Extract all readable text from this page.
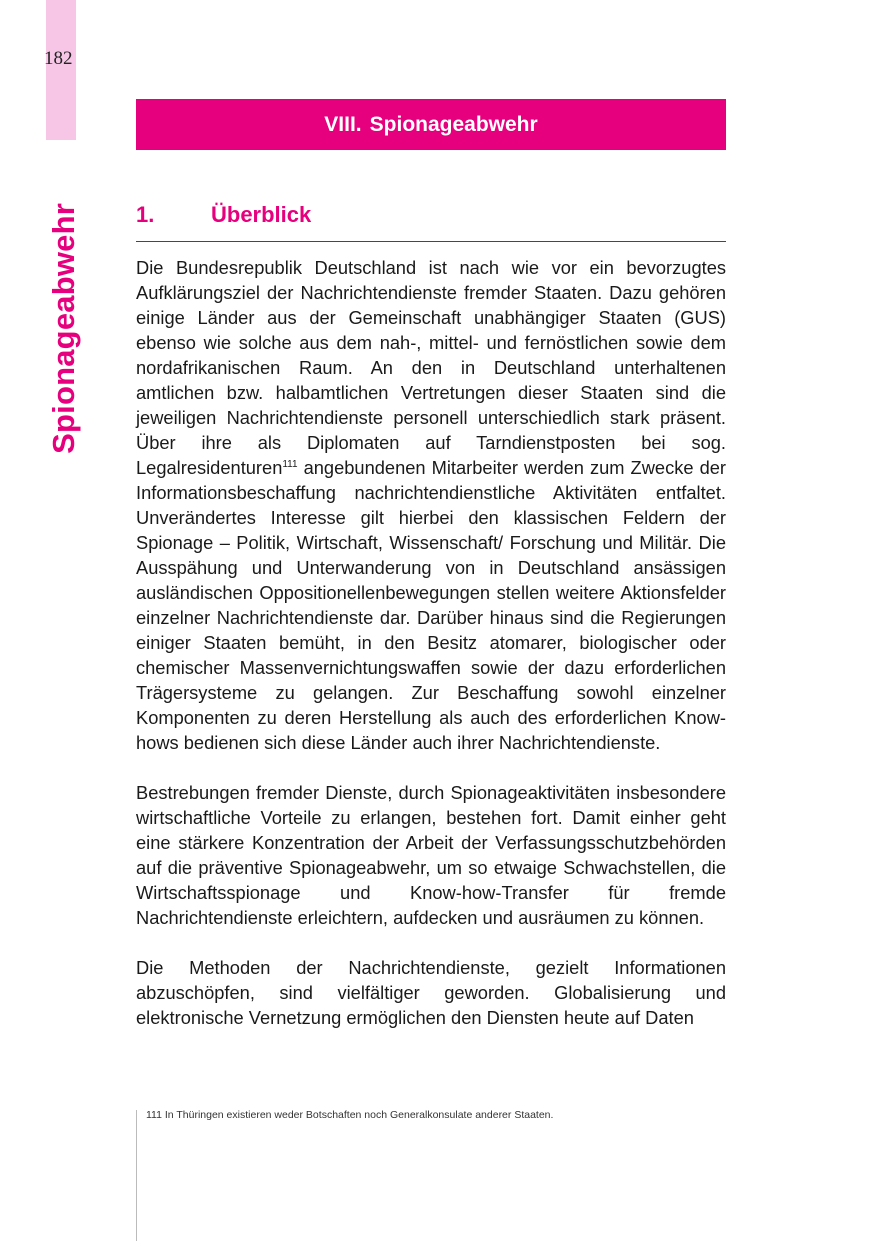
182
Spionageabwehr
VIII. Spionageabwehr
1.	Überblick

Die Bundesrepublik Deutschland ist nach wie vor ein bevorzugtes Aufklärungsziel der Nachrichtendienste fremder Staaten. Dazu gehören einige Länder aus der Gemeinschaft unabhängiger Staaten (GUS) ebenso wie solche aus dem nah-, mittel- und fernöstlichen sowie dem nordafrikanischen Raum. An den in Deutschland unterhaltenen amtlichen bzw. halbamtlichen Vertretungen dieser Staaten sind die jeweiligen Nachrichtendienste personell unterschiedlich stark präsent. Über ihre als Diplomaten auf Tarndienstposten bei sog. Legalresidenturen$^{111}$ angebundenen Mitarbeiter werden zum Zwecke der Informationsbeschaffung nachrichtendienstliche Aktivitäten entfaltet. Unverändertes Interesse gilt hierbei den klassischen Feldern der Spionage – Politik, Wirtschaft, Wissenschaft/ Forschung und Militär. Die Ausspähung und Unterwanderung von in Deutschland ansässigen ausländischen Oppositionellenbewegungen stellen weitere Aktionsfelder einzelner Nachrichtendienste dar. Darüber hinaus sind die Regierungen einiger Staaten bemüht, in den Besitz atomarer, biologischer oder chemischer Massenvernichtungswaffen sowie der dazu erforderlichen Trägersysteme zu gelangen. Zur Beschaffung sowohl einzelner Komponenten zu deren Herstellung als auch des erforderlichen Know-hows bedienen sich diese Länder auch ihrer Nachrichtendienste.

Bestrebungen fremder Dienste, durch Spionageaktivitäten insbesondere wirtschaftliche Vorteile zu erlangen, bestehen fort. Damit einher geht eine stärkere Konzentration der Arbeit der Verfassungsschutzbehörden auf die präventive Spionageabwehr, um so etwaige Schwachstellen, die Wirtschaftsspionage und Know-how-Transfer für fremde Nachrichtendienste erleichtern, aufdecken und ausräumen zu können.

Die Methoden der Nachrichtendienste, gezielt Informationen abzuschöpfen, sind vielfältiger geworden. Globalisierung und elektronische Vernetzung ermöglichen den Diensten heute auf Daten

111 In Thüringen existieren weder Botschaften noch Generalkonsulate anderer Staaten.
